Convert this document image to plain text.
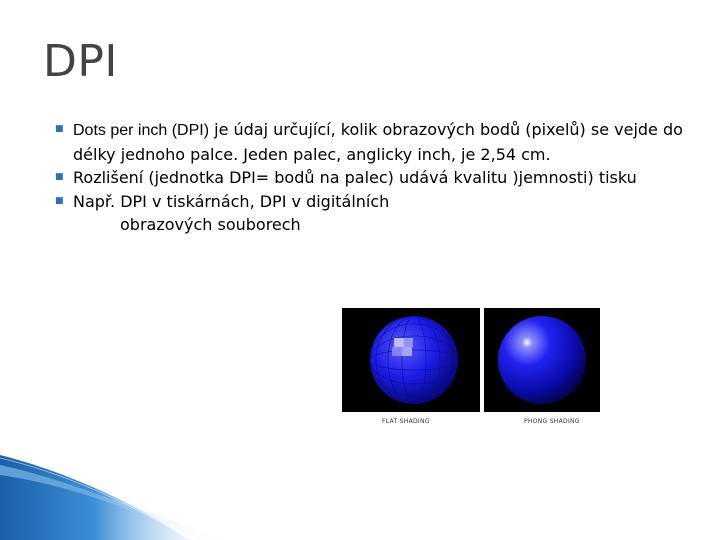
DPI
■ Dots per inch (DPI) je údaj určující, kolik obrazových bodů (pixelů) se vejde do délky jednoho palce. Jeden palec, anglicky inch, je 2,54 cm.
■ Rozlišení (jednotka DPI= bodů na palec) udává kvalitu )jemnosti) tisku
■ Např. DPI v tiskárnách, DPI v digitálních
obrazových souborech
FLAT SHADING	PHONG SHADING
